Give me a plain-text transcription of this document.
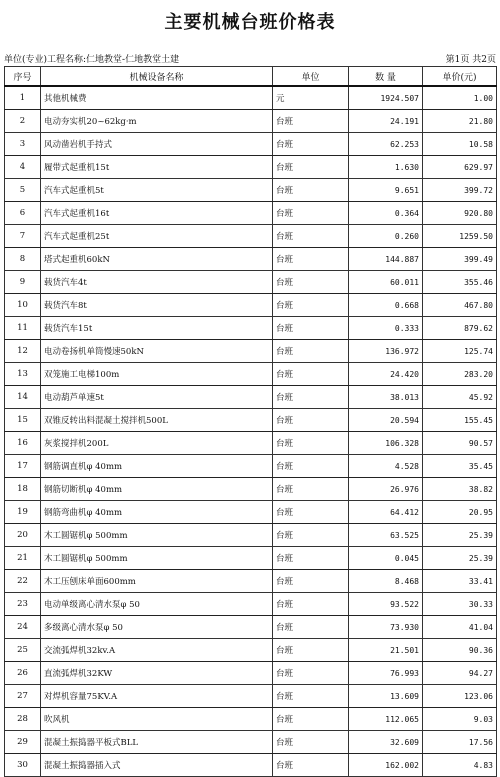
主要机械台班价格表
单位(专业)工程名称:仁地教堂-仁地教堂土建	第1页 共2页
序号	机械设备名称	单位	数 量	单价(元)
1	其他机械费	元	1924.507	1.00
2	电动夯实机20~62kg·m	台班	24.191	21.80
3	风动凿岩机手持式	台班	62.253	10.58
4	履带式起重机15t	台班	1.630	629.97
5	汽车式起重机5t	台班	9.651	399.72
6	汽车式起重机16t	台班	0.364	920.80
7	汽车式起重机25t	台班	0.260	1259.50
8	塔式起重机60kN	台班	144.887	399.49
9	载货汽车4t	台班	60.011	355.46
10	载货汽车8t	台班	0.668	467.80
11	载货汽车15t	台班	0.333	879.62
12	电动卷扬机单筒慢速50kN	台班	136.972	125.74
13	双笼施工电梯100m	台班	24.420	283.20
14	电动葫芦单速5t	台班	38.013	45.92
15	双锥反转出料混凝土搅拌机500L	台班	20.594	155.45
16	灰浆搅拌机200L	台班	106.328	90.57
17	钢筋调直机φ 40mm	台班	4.528	35.45
18	钢筋切断机φ 40mm	台班	26.976	38.82
19	钢筋弯曲机φ 40mm	台班	64.412	20.95
20	木工圆锯机φ 500mm	台班	63.525	25.39
21	木工圆锯机φ 500mm	台班	0.045	25.39
22	木工压刨床单面600mm	台班	8.468	33.41
23	电动单级离心清水泵φ 50	台班	93.522	30.33
24	多级离心清水泵φ 50	台班	73.930	41.04
25	交流弧焊机32kv.A	台班	21.501	90.36
26	直流弧焊机32KW	台班	76.993	94.27
27	对焊机容量75KV.A	台班	13.609	123.06
28	吹风机	台班	112.065	9.03
29	混凝土振捣器平板式BLL	台班	32.609	17.56
30	混凝土振捣器插入式	台班	162.002	4.83
